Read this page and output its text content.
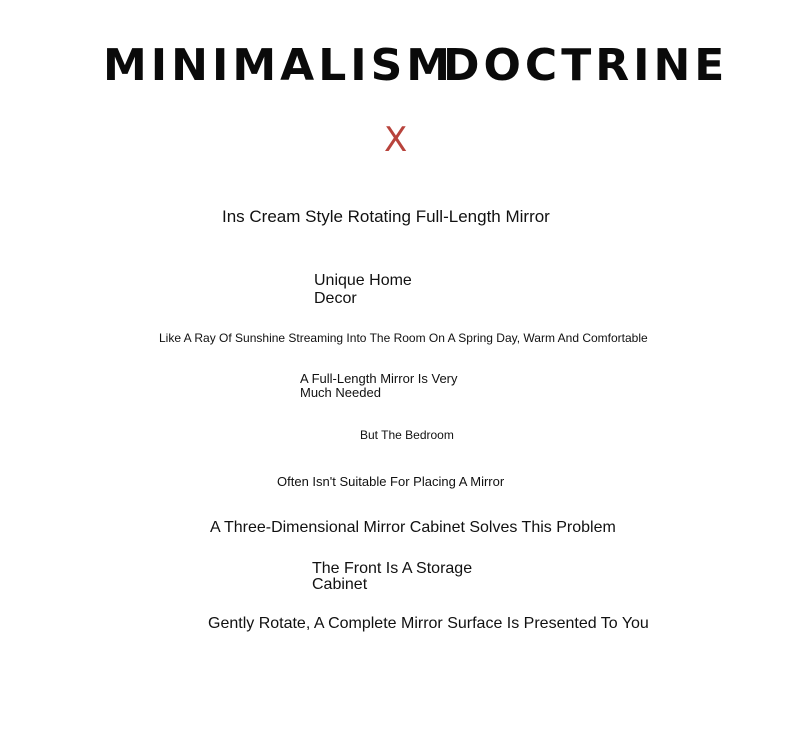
MINIMALISM
DOCTRINE
X
Ins Cream Style Rotating Full-Length Mirror
Unique Home
Decor
Like A Ray Of Sunshine Streaming Into The Room On A Spring Day, Warm And Comfortable
A Full-Length Mirror Is Very
Much Needed
But The Bedroom
Often Isn't Suitable For Placing A Mirror
A Three-Dimensional Mirror Cabinet Solves This Problem
The Front Is A Storage
Cabinet
Gently Rotate, A Complete Mirror Surface Is Presented To You
